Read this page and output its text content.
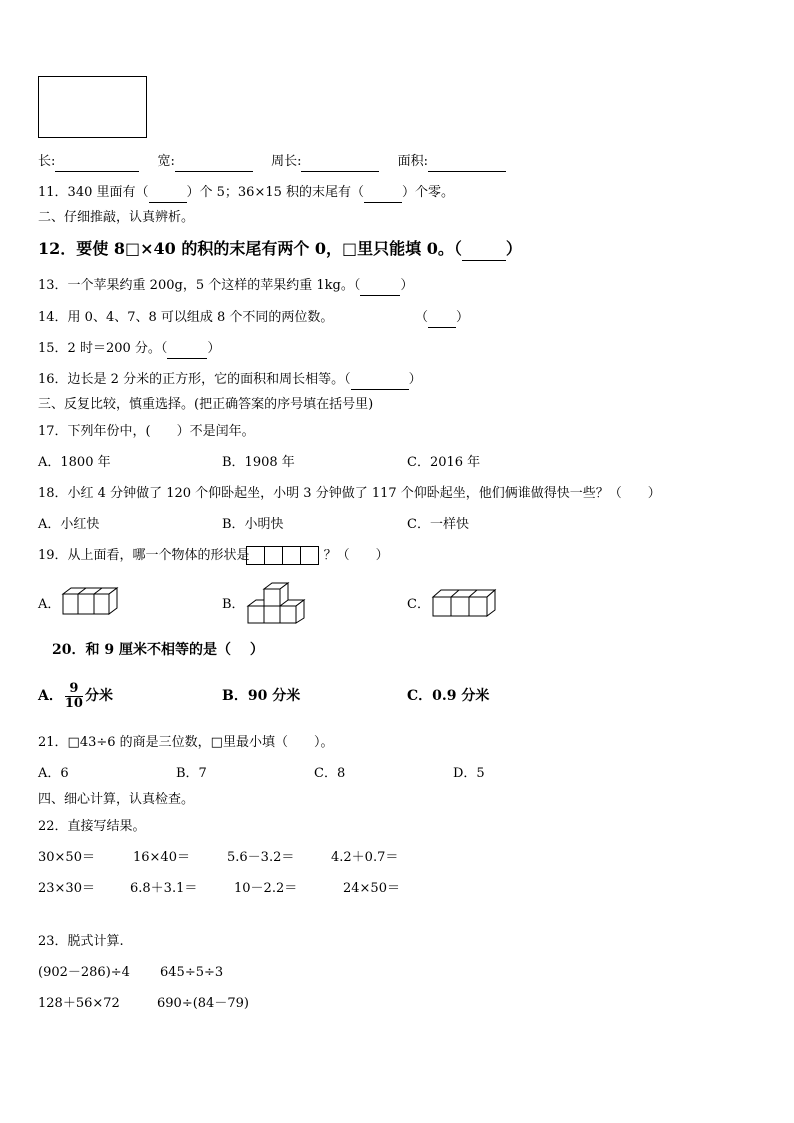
长:	宽:	周长:	面积:
11．340 里面有（	）个 5；36×15 积的末尾有（	）个零。
二、仔细推敲，认真辨析。
12．要使 8□×40 的积的末尾有两个 0，□里只能填 0。（	）
13．一个苹果约重 200g，5 个这样的苹果约重 1kg。（	）
14．用 0、4、7、8 可以组成 8 个不同的两位数。	（ ）
15．2 时＝200 分。（	）
16．边长是 2 分米的正方形，它的面积和周长相等。（	）
三、反复比较，慎重选择。(把正确答案的序号填在括号里)
17．下列年份中，(　　）不是闰年。
A．1800 年	B．1908 年	C．2016 年
18．小红 4 分钟做了 120 个仰卧起坐，小明 3 分钟做了 117 个仰卧起坐，他们俩谁做得快一些？（　　）
A．小红快	B．小明快	C．一样快
19．从上面看，哪一个物体的形状是	？（　　）
A．	B．	C．
20．和 9 厘米不相等的是（　 ）
A． $\frac{9}{10}$ 分米	B．90 分米	C．0.9 分米
21．□43÷6 的商是三位数，□里最小填（　　）。
A．6	B．7	C．8	D．5
四、细心计算，认真检查。
22．直接写结果。
30×50＝	16×40＝	5.6－3.2＝	4.2＋0.7＝
23×30＝	6.8＋3.1＝	10－2.2＝	24×50＝
23．脱式计算.
(902－286)÷4 645÷5÷3
128＋56×72	690÷(84－79)
